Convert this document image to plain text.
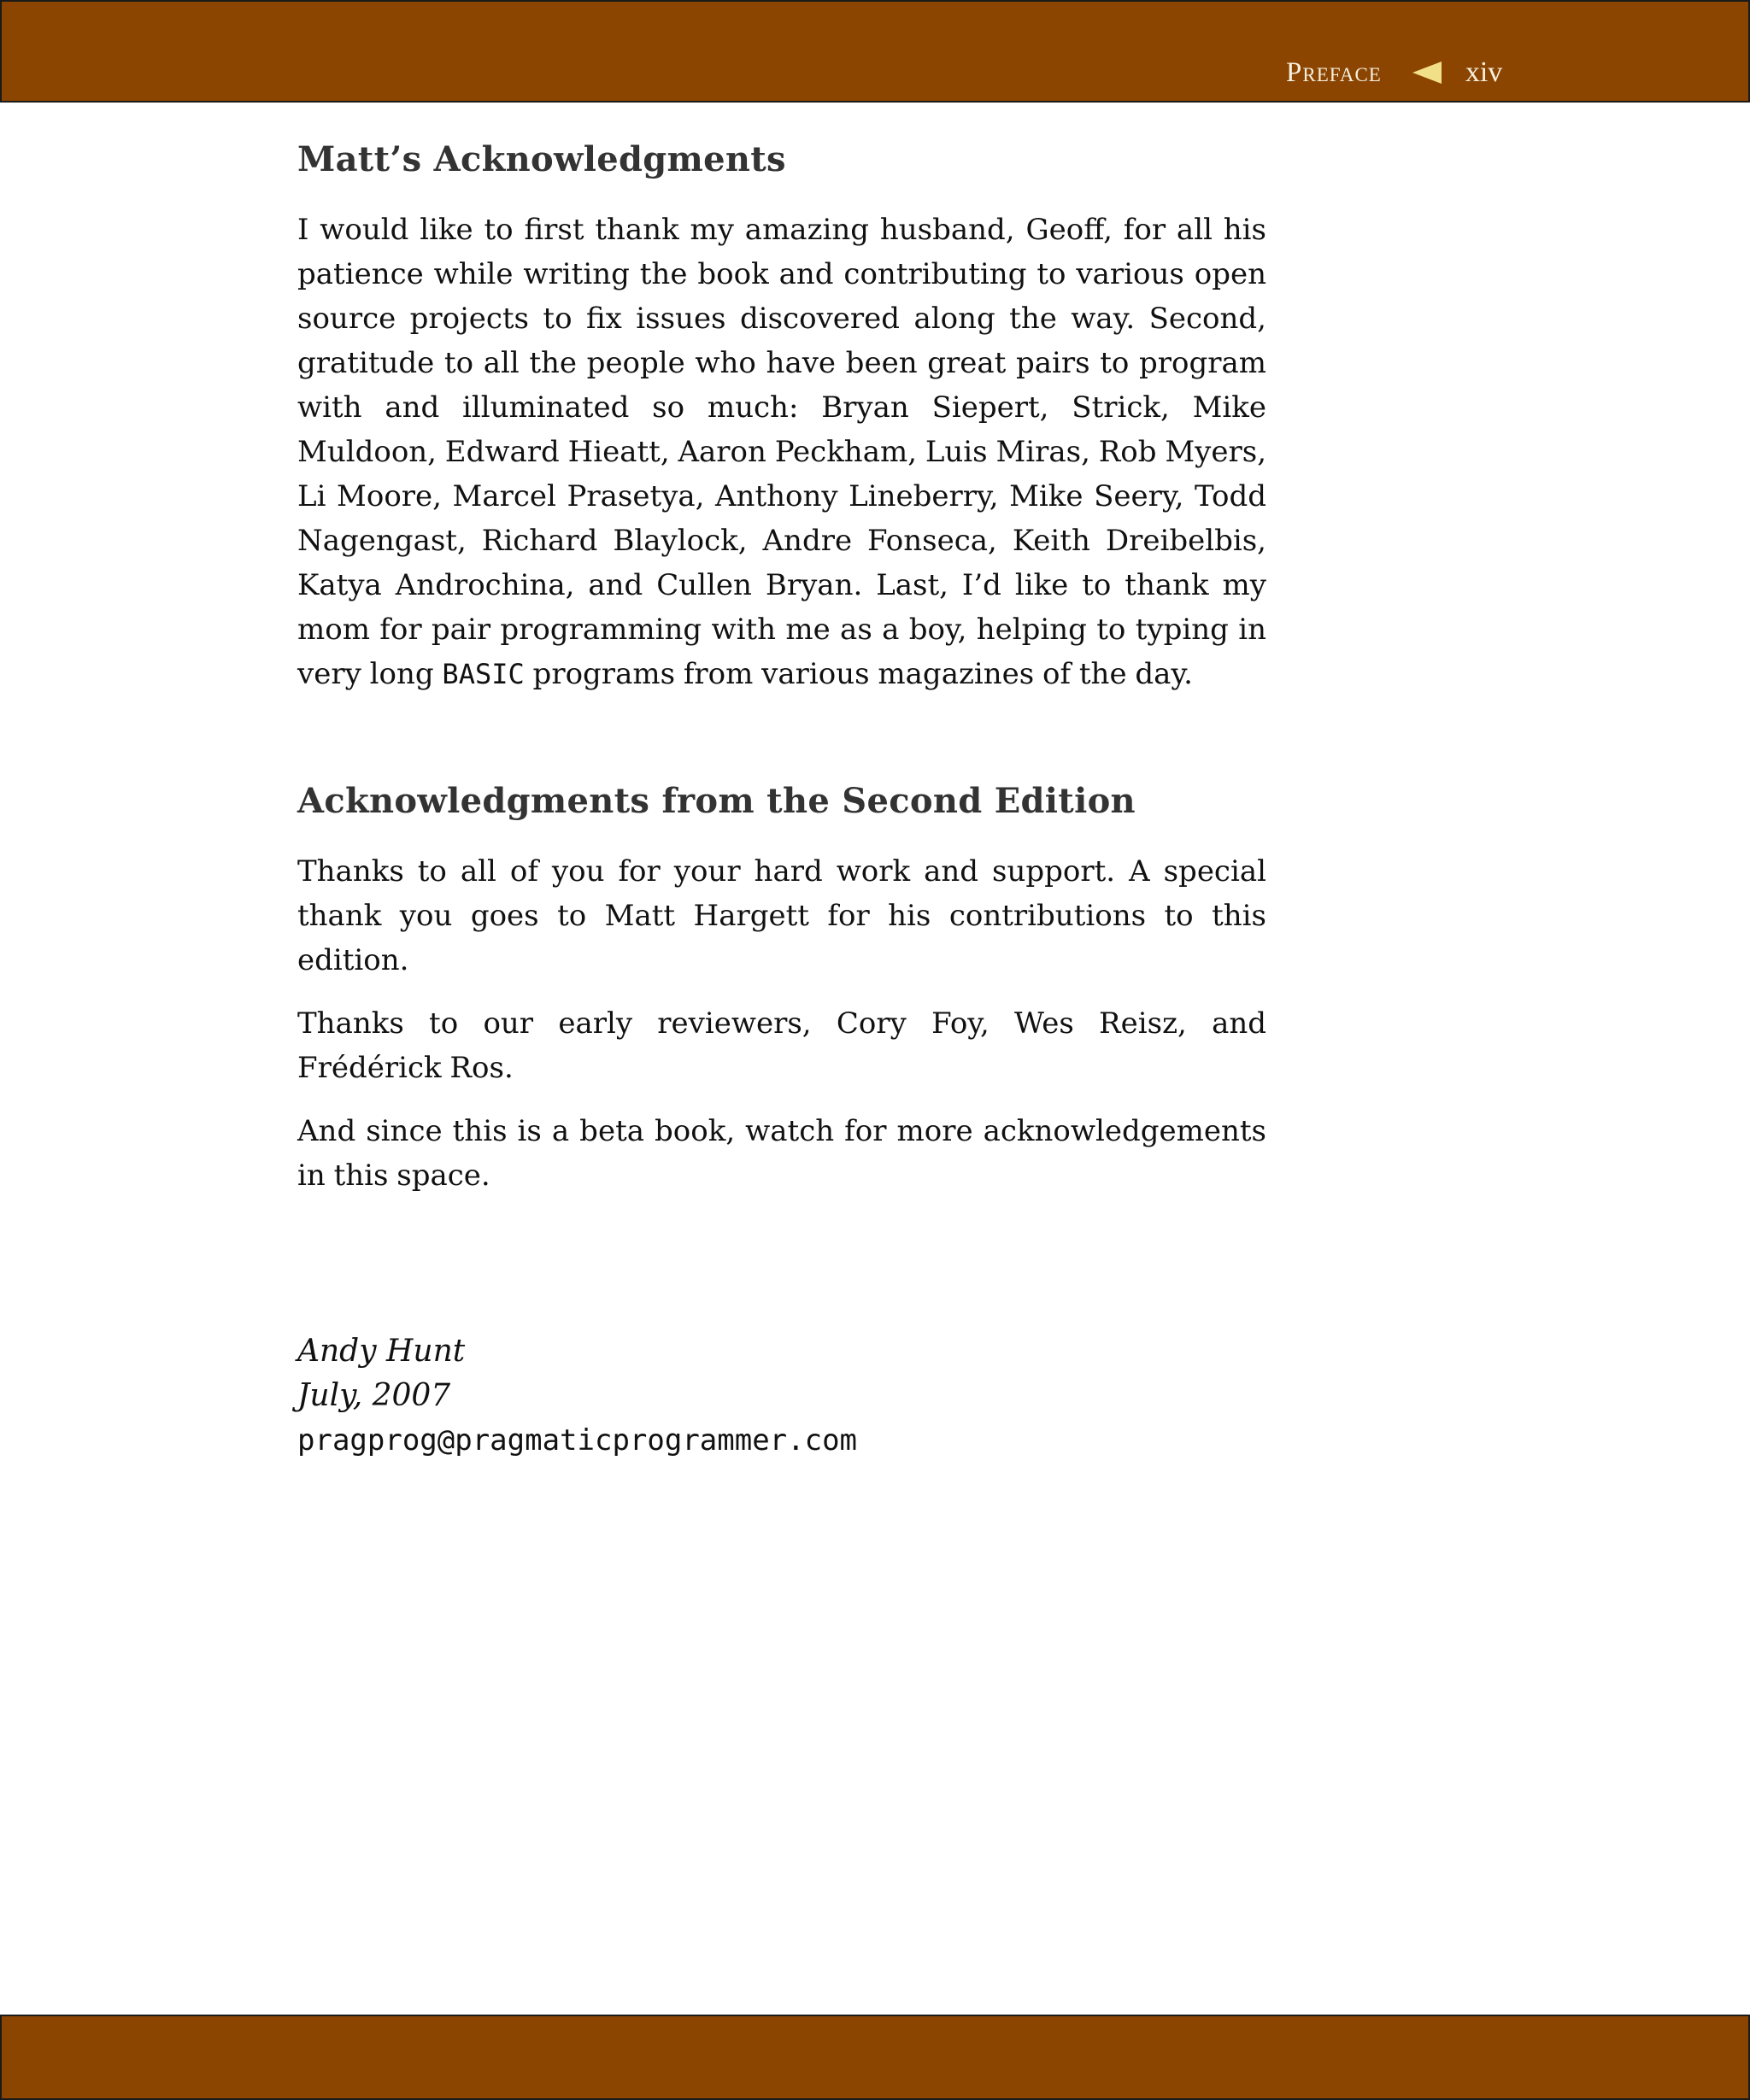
Preface	xiv
Matt’s Acknowledgments

I would like to first thank my amazing husband, Geoff, for all his patience while writing the book and contributing to various open source projects to fix issues discovered along the way. Second, gratitude to all the people who have been great pairs to program with and illuminated so much: Bryan Siepert, Strick, Mike Muldoon, Edward Hieatt, Aaron Peckham, Luis Miras, Rob Myers, Li Moore, Marcel Prasetya, Anthony Lineberry, Mike Seery, Todd Nagengast, Richard Blaylock, Andre Fonseca, Keith Dreibelbis, Katya Androchina, and Cullen Bryan. Last, I’d like to thank my mom for pair programming with me as a boy, helping to typing in very long BASIC programs from various magazines of the day.

Acknowledgments from the Second Edition

Thanks to all of you for your hard work and support. A special thank you goes to Matt Hargett for his contributions to this edition.

Thanks to our early reviewers, Cory Foy, Wes Reisz, and Frédérick Ros.

And since this is a beta book, watch for more acknowledgements in this space.

Andy Hunt
July, 2007
pragprog@pragmaticprogrammer.com
